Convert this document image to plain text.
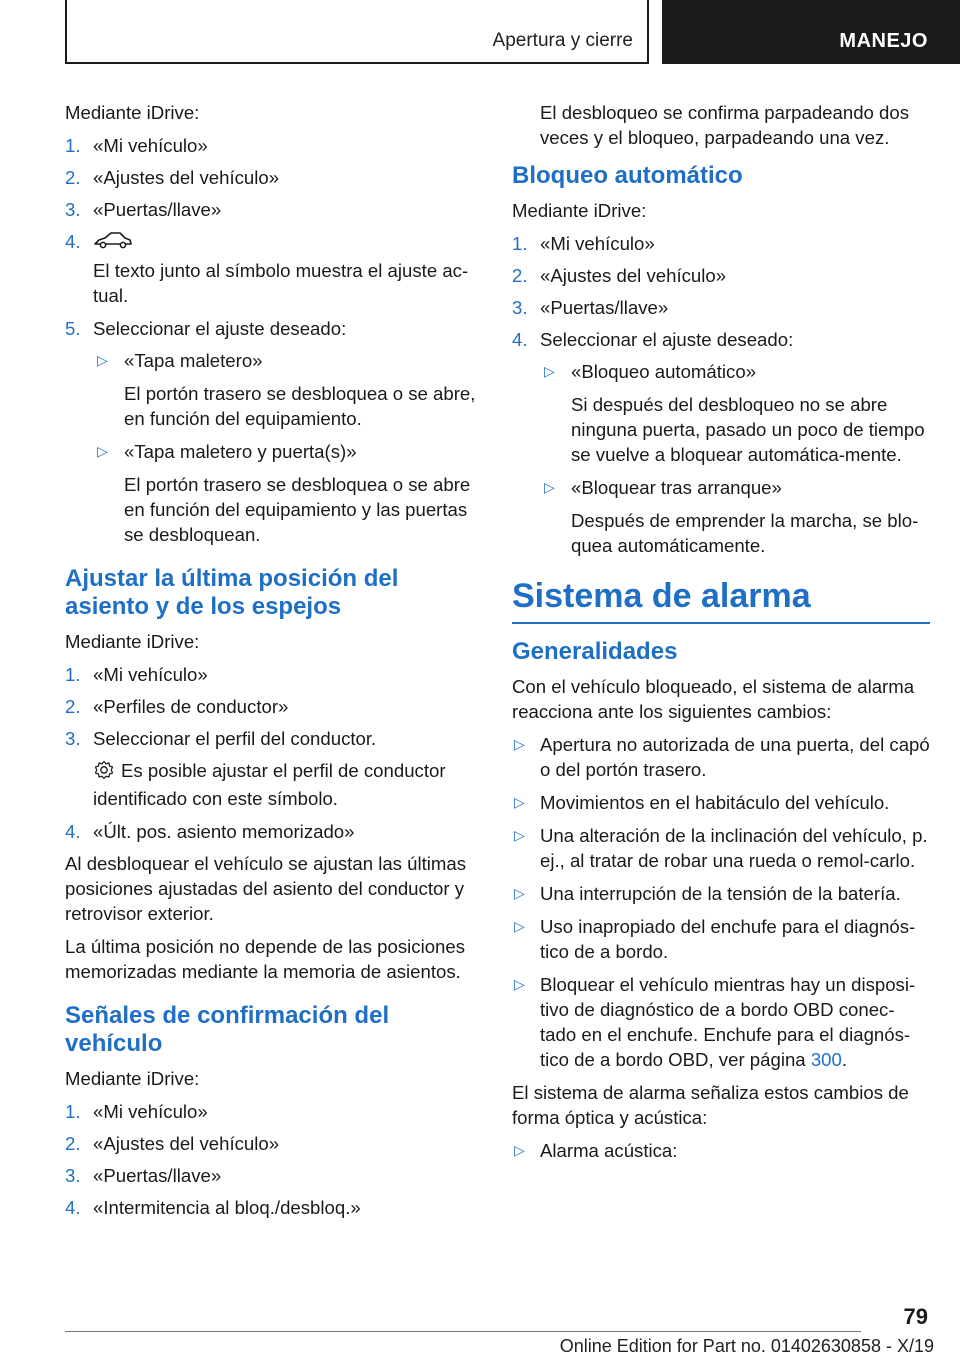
Apertura y cierre	MANEJO
Mediante iDrive:
1. «Mi vehículo»
2. «Ajustes del vehículo»
3. «Puertas/llave»
4.
El texto junto al símbolo muestra el ajuste ac-tual.
5. Seleccionar el ajuste deseado:
▷ «Tapa maletero»
El portón trasero se desbloquea o se abre, en función del equipamiento.
▷ «Tapa maletero y puerta(s)»
El portón trasero se desbloquea o se abre en función del equipamiento y las puertas se desbloquean.
Ajustar la última posición del asiento y de los espejos
Mediante iDrive:
1. «Mi vehículo»
2. «Perfiles de conductor»
3. Seleccionar el perfil del conductor.
Es posible ajustar el perfil de conductor identificado con este símbolo.
4. «Últ. pos. asiento memorizado»
Al desbloquear el vehículo se ajustan las últimas posiciones ajustadas del asiento del conductor y retrovisor exterior.
La última posición no depende de las posiciones memorizadas mediante la memoria de asientos.
Señales de confirmación del vehículo
Mediante iDrive:
1. «Mi vehículo»
2. «Ajustes del vehículo»
3. «Puertas/llave»
4. «Intermitencia al bloq./desbloq.»
El desbloqueo se confirma parpadeando dos veces y el bloqueo, parpadeando una vez.
Bloqueo automático
Mediante iDrive:
1. «Mi vehículo»
2. «Ajustes del vehículo»
3. «Puertas/llave»
4. Seleccionar el ajuste deseado:
▷ «Bloqueo automático»
Si después del desbloqueo no se abre ninguna puerta, pasado un poco de tiempo se vuelve a bloquear automática-mente.
▷ «Bloquear tras arranque»
Después de emprender la marcha, se blo-quea automáticamente.
Sistema de alarma
Generalidades
Con el vehículo bloqueado, el sistema de alarma reacciona ante los siguientes cambios:
▷ Apertura no autorizada de una puerta, del capó o del portón trasero.
▷ Movimientos en el habitáculo del vehículo.
▷ Una alteración de la inclinación del vehículo, p. ej., al tratar de robar una rueda o remol-carlo.
▷ Una interrupción de la tensión de la batería.
▷ Uso inapropiado del enchufe para el diagnós-tico de a bordo.
▷ Bloquear el vehículo mientras hay un disposi-tivo de diagnóstico de a bordo OBD conec-tado en el enchufe. Enchufe para el diagnós-tico de a bordo OBD, ver página 300.
El sistema de alarma señaliza estos cambios de forma óptica y acústica:
▷ Alarma acústica:
79
Online Edition for Part no. 01402630858 - X/19
